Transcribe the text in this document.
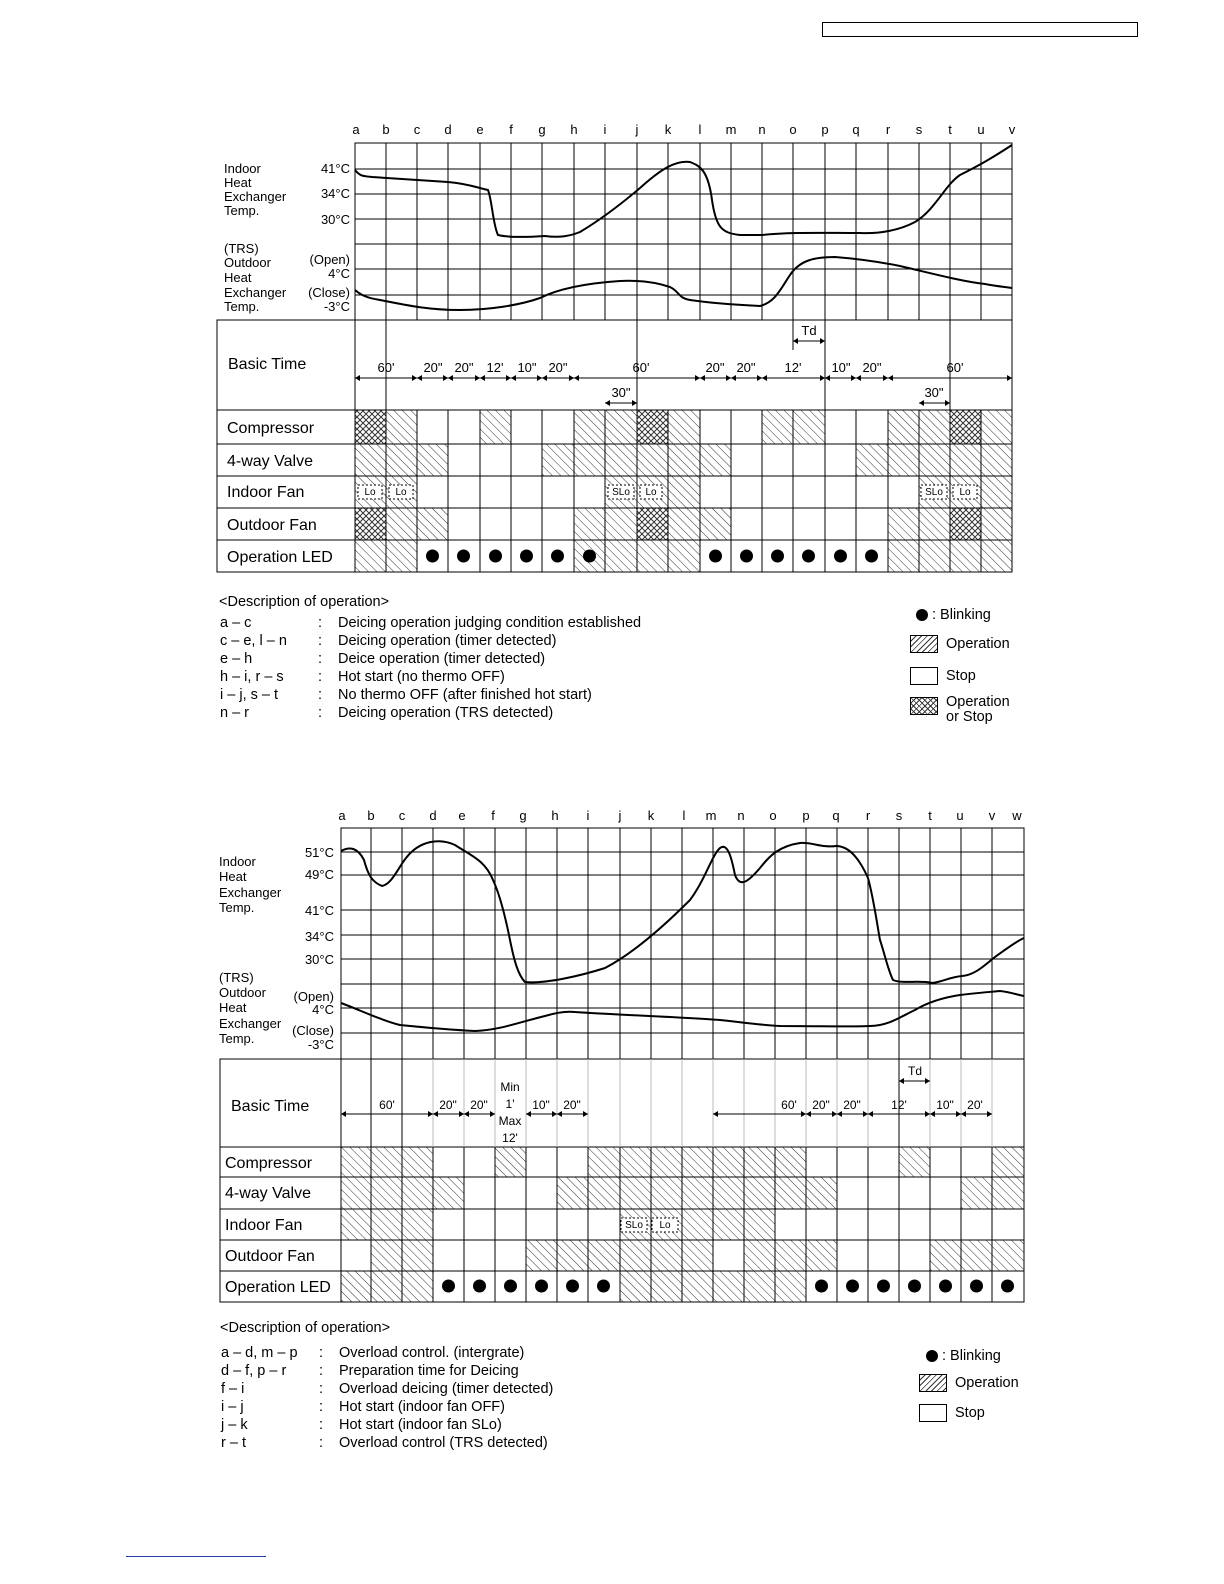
a b c d e f g h i j k l m n o p q r s t u v
Indoor
Heat
Exchanger
Temp.
41°C
34°C
30°C
(TRS)
Outdoor
Heat
Exchanger
Temp.
(Open)
4°C
(Close)
-3°C
Basic Time
Compressor
4-way Valve
Indoor Fan
Outdoor Fan
Operation LED
60' 20" 20" 12' 10" 20"	60'	20" 20" 12' 10" 20"	60'
30"	30"
Td
Lo Lo	SLo Lo	SLo Lo
<Description of operation>
a – c	: Deicing operation judging condition established
c – e, l – n : Deicing operation (timer detected)
e – h	: Deice operation (timer detected)
h – i, r – s : Hot start (no thermo OFF)
i – j, s – t	: No thermo OFF (after finished hot start)
n – r	: Deicing operation (TRS detected)
: Blinking
Operation
Stop
Operation
or Stop
a b c d e f g h i j k l m n o p q r s t u v w
Indoor
Heat
Exchanger
Temp.
51°C
49°C
41°C
34°C
30°C
(TRS)
Outdoor
Heat
Exchanger
Temp.
(Open)
4°C
(Close)
-3°C
Basic Time
Compressor
4-way Valve
Indoor Fan
Outdoor Fan
Operation LED
60'	20" 20"
Min
1'
Max
12'
10" 20"	60' 20" 20"	12' 10" 20'
Td
SLo Lo
<Description of operation>
a – d, m – p : Overload control. (intergrate)
d – f, p – r : Preparation time for Deicing
f – i	: Overload deicing (timer detected)
i – j	: Hot start (indoor fan OFF)
j – k	: Hot start (indoor fan SLo)
r – t	: Overload control (TRS detected)
: Blinking
Operation
Stop
